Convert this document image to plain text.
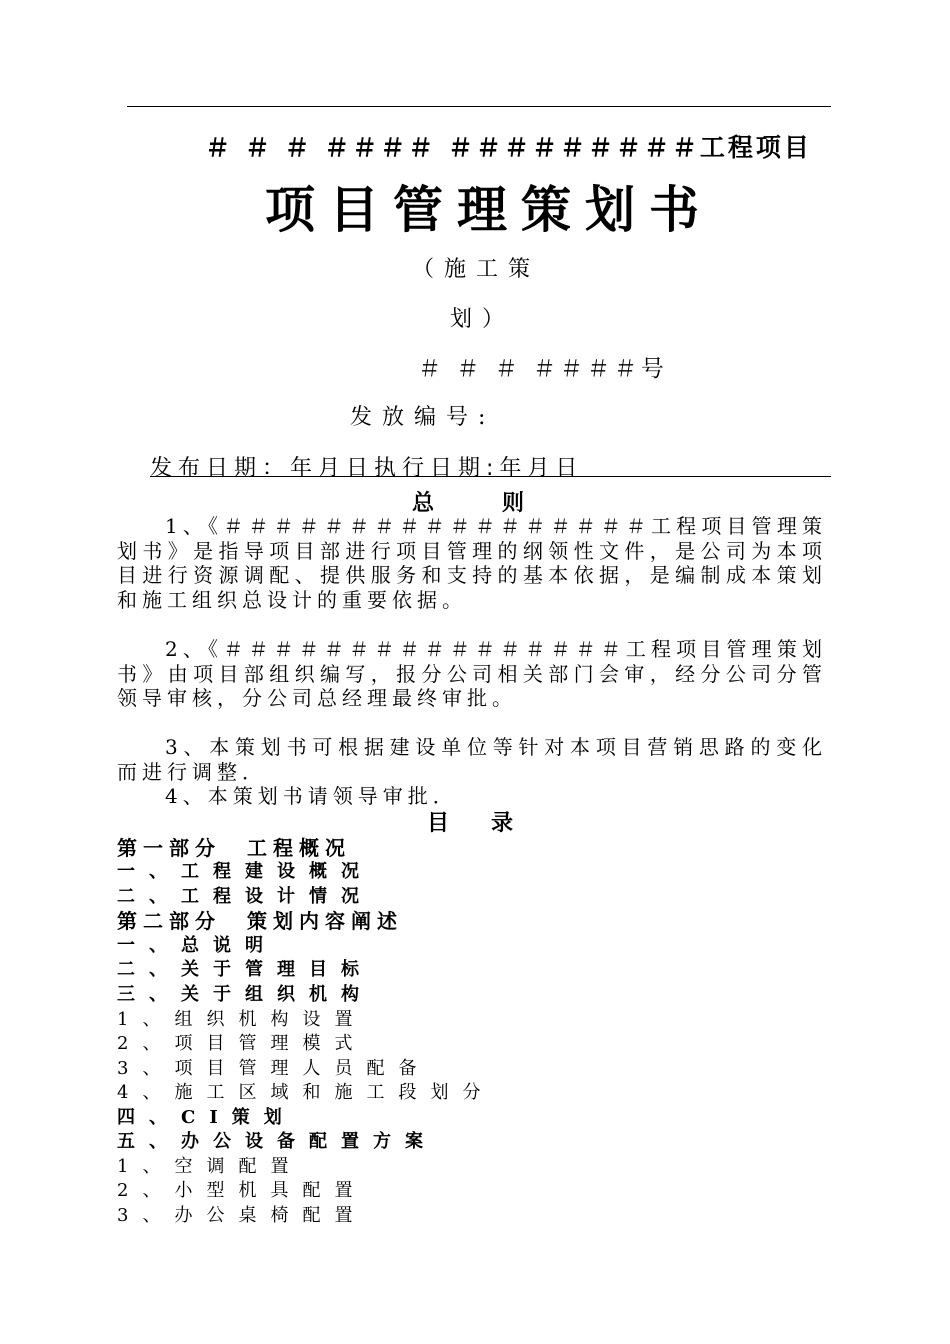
＃ ＃ ＃ ＃＃＃＃ ＃＃＃＃＃＃＃＃＃工程项目
项目管理策划书
（施工策
划）
＃ ＃ ＃ ＃＃＃＃号
发放编号:
发布日期：年月日执行日期:年月日
总　　则
1、《＃＃＃＃＃＃＃＃＃＃＃＃＃＃＃＃＃工程项目管理策划书》是指导项目部进行项目管理的纲领性文件，是公司为本项目进行资源调配、提供服务和支持的基本依据，是编制成本策划和施工组织总设计的重要依据。
2、《＃＃＃＃＃＃＃＃＃＃＃＃＃＃＃＃工程项目管理策划书》由项目部组织编写，报分公司相关部门会审，经分公司分管领导审核，分公司总经理最终审批。
3、本策划书可根据建设单位等针对本项目营销思路的变化而进行调整．
4、本策划书请领导审批．
目　录
第一部分　工程概况
一、工程建设概况
二、工程设计情况
第二部分　策划内容阐述
一、总说明
二、关于管理目标
三、关于组织机构
1、组织机构设置
2、项目管理模式
3、项目管理人员配备
4、施工区域和施工段划分
四、CI策划
五、办公设备配置方案
1、空调配置
2、小型机具配置
3、办公桌椅配置
